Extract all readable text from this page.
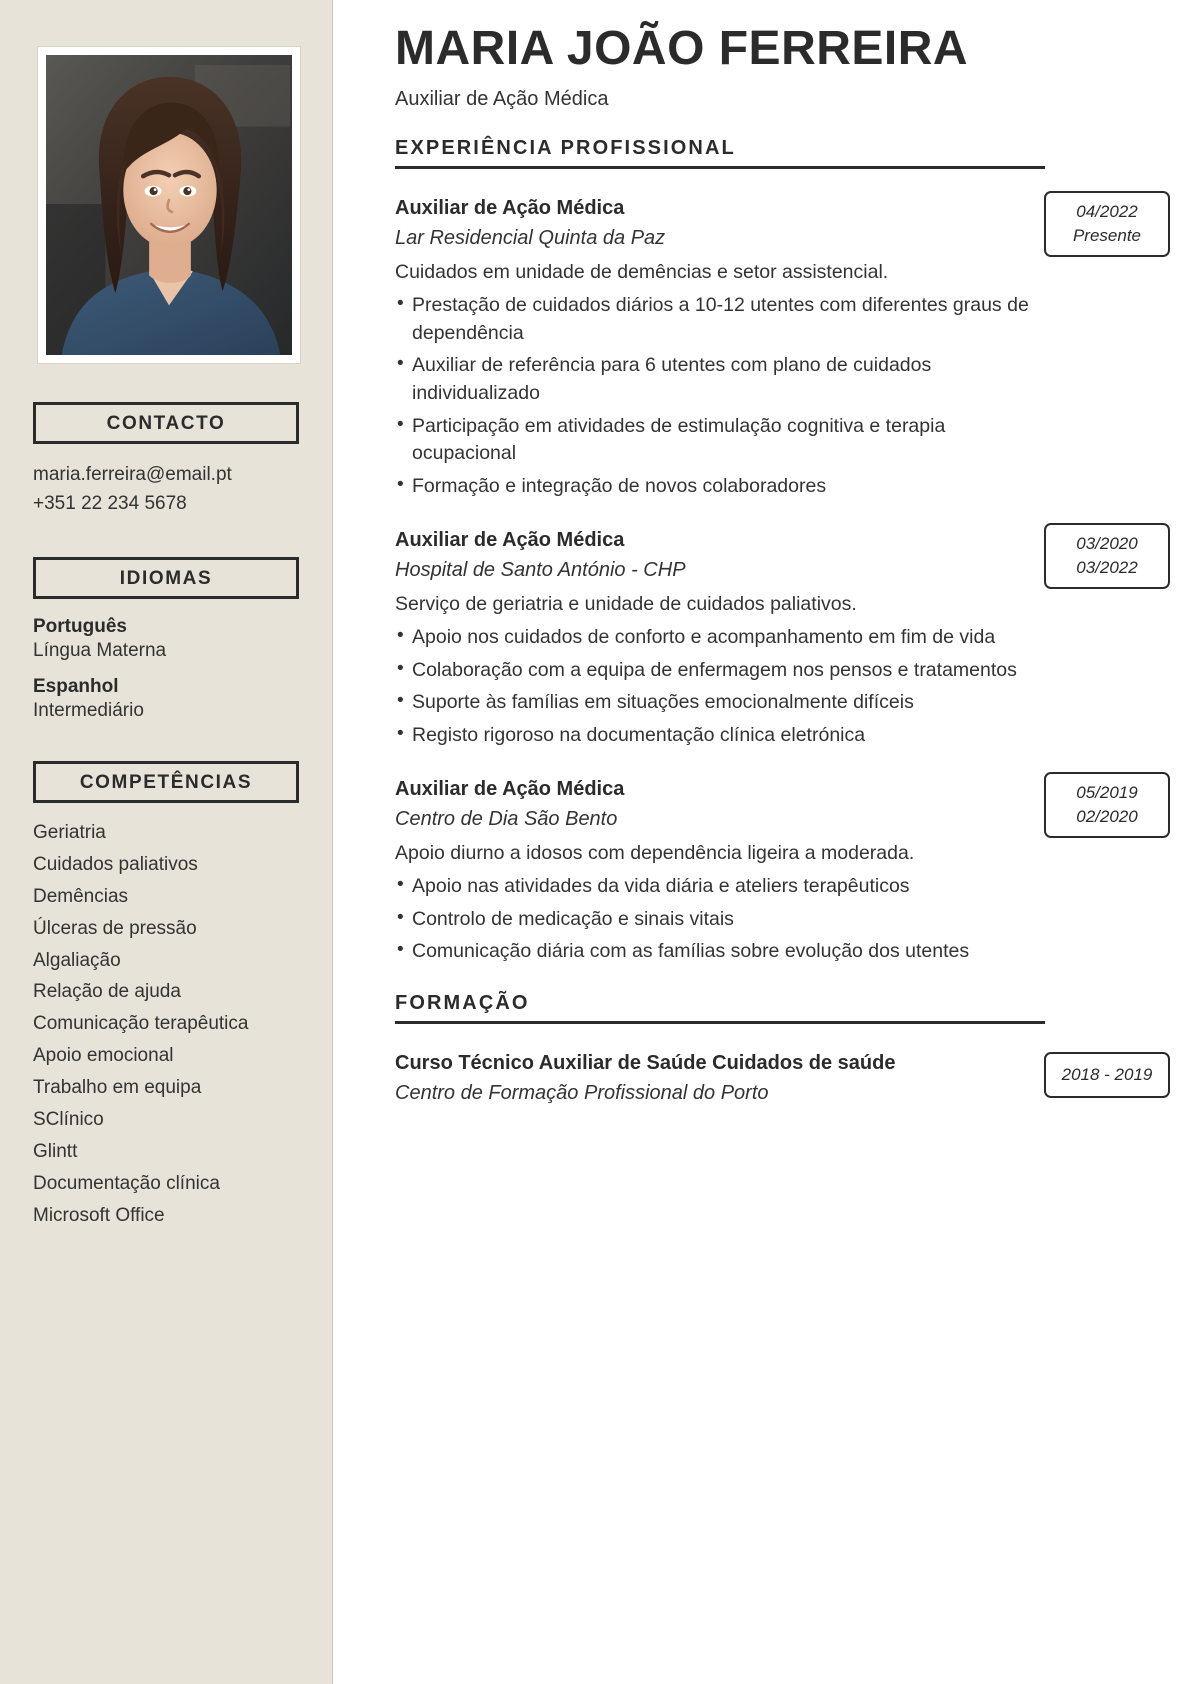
CONTACTO
maria.ferreira@email.pt
+351 22 234 5678
IDIOMAS
Português
Língua Materna
Espanhol
Intermediário
COMPETÊNCIAS
Geriatria
Cuidados paliativos
Demências
Úlceras de pressão
Algaliação
Relação de ajuda
Comunicação terapêutica
Apoio emocional
Trabalho em equipa
SClínico
Glintt
Documentação clínica
Microsoft Office
MARIA JOÃO FERREIRA
Auxiliar de Ação Médica
EXPERIÊNCIA PROFISSIONAL
Auxiliar de Ação Médica
Lar Residencial Quinta da Paz
04/2022
Presente
Cuidados em unidade de demências e setor assistencial.
• Prestação de cuidados diários a 10-12 utentes com diferentes graus de dependência
• Auxiliar de referência para 6 utentes com plano de cuidados individualizado
• Participação em atividades de estimulação cognitiva e terapia ocupacional
• Formação e integração de novos colaboradores
Auxiliar de Ação Médica
Hospital de Santo António - CHP
03/2020
03/2022
Serviço de geriatria e unidade de cuidados paliativos.
• Apoio nos cuidados de conforto e acompanhamento em fim de vida
• Colaboração com a equipa de enfermagem nos pensos e tratamentos
• Suporte às famílias em situações emocionalmente difíceis
• Registo rigoroso na documentação clínica eletrónica
Auxiliar de Ação Médica
Centro de Dia São Bento
05/2019
02/2020
Apoio diurno a idosos com dependência ligeira a moderada.
• Apoio nas atividades da vida diária e ateliers terapêuticos
• Controlo de medicação e sinais vitais
• Comunicação diária com as famílias sobre evolução dos utentes
FORMAÇÃO
Curso Técnico Auxiliar de Saúde Cuidados de saúde
Centro de Formação Profissional do Porto
2018 - 2019
